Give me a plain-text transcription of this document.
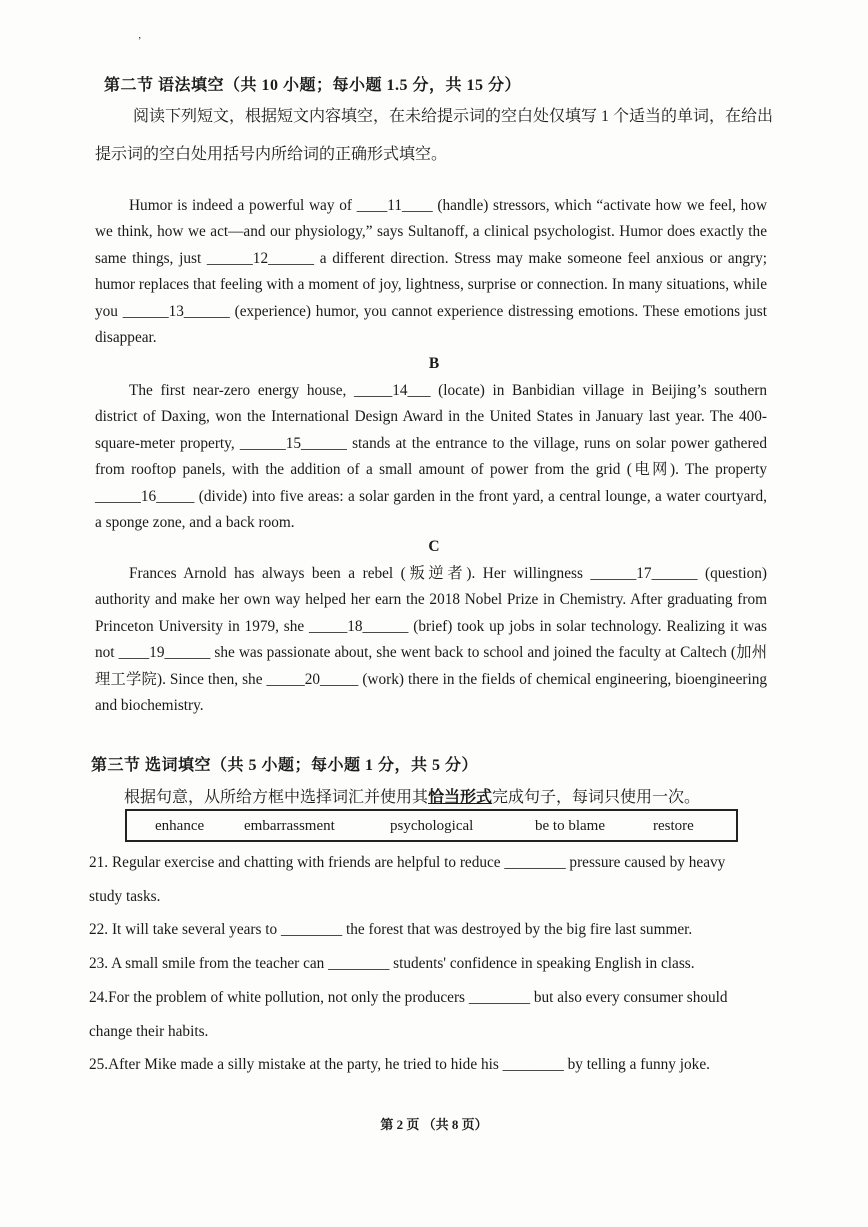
’
第二节 语法填空（共 10 小题；每小题 1.5 分，共 15 分）
阅读下列短文，根据短文内容填空，在未给提示词的空白处仅填写 1 个适当的单词，在给出提示词的空白处用括号内所给词的正确形式填空。

Humor is indeed a powerful way of ____11____ (handle) stressors, which “activate how we feel, how we think, how we act—and our physiology,” says Sultanoff, a clinical psychologist. Humor does exactly the same things, just ______12______ a different direction. Stress may make someone feel anxious or angry; humor replaces that feeling with a moment of joy, lightness, surprise or connection. In many situations, while you ______13______ (experience) humor, you cannot experience distressing emotions. These emotions just disappear.

B

The first near-zero energy house, _____14___ (locate) in Banbidian village in Beijing’s southern district of Daxing, won the International Design Award in the United States in January last year. The 400- square-meter property, ______15______ stands at the entrance to the village, runs on solar power gathered from rooftop panels, with the addition of a small amount of power from the grid (电网). The property ______16_____ (divide) into five areas: a solar garden in the front yard, a central lounge, a water courtyard, a sponge zone, and a back room.

C

Frances Arnold has always been a rebel (叛逆者). Her willingness ______17______ (question) authority and make her own way helped her earn the 2018 Nobel Prize in Chemistry. After graduating from Princeton University in 1979, she _____18______ (brief) took up jobs in solar technology. Realizing it was not ____19______ she was passionate about, she went back to school and joined the faculty at Caltech (加州理工学院). Since then, she _____20_____ (work) there in the fields of chemical engineering, bioengineering and biochemistry.

第三节 选词填空（共 5 小题；每小题 1 分，共 5 分）
根据句意，从所给方框中选择词汇并使用其恰当形式完成句子，每词只使用一次。
enhance	embarrassment	psychological	be to blame	restore
21. Regular exercise and chatting with friends are helpful to reduce ________ pressure caused by heavy study tasks.
22. It will take several years to ________ the forest that was destroyed by the big fire last summer.
23. A small smile from the teacher can ________ students' confidence in speaking English in class.
24.For the problem of white pollution, not only the producers ________ but also every consumer should change their habits.
25.After Mike made a silly mistake at the party, he tried to hide his ________ by telling a funny joke.
第 2 页 （共 8 页）
